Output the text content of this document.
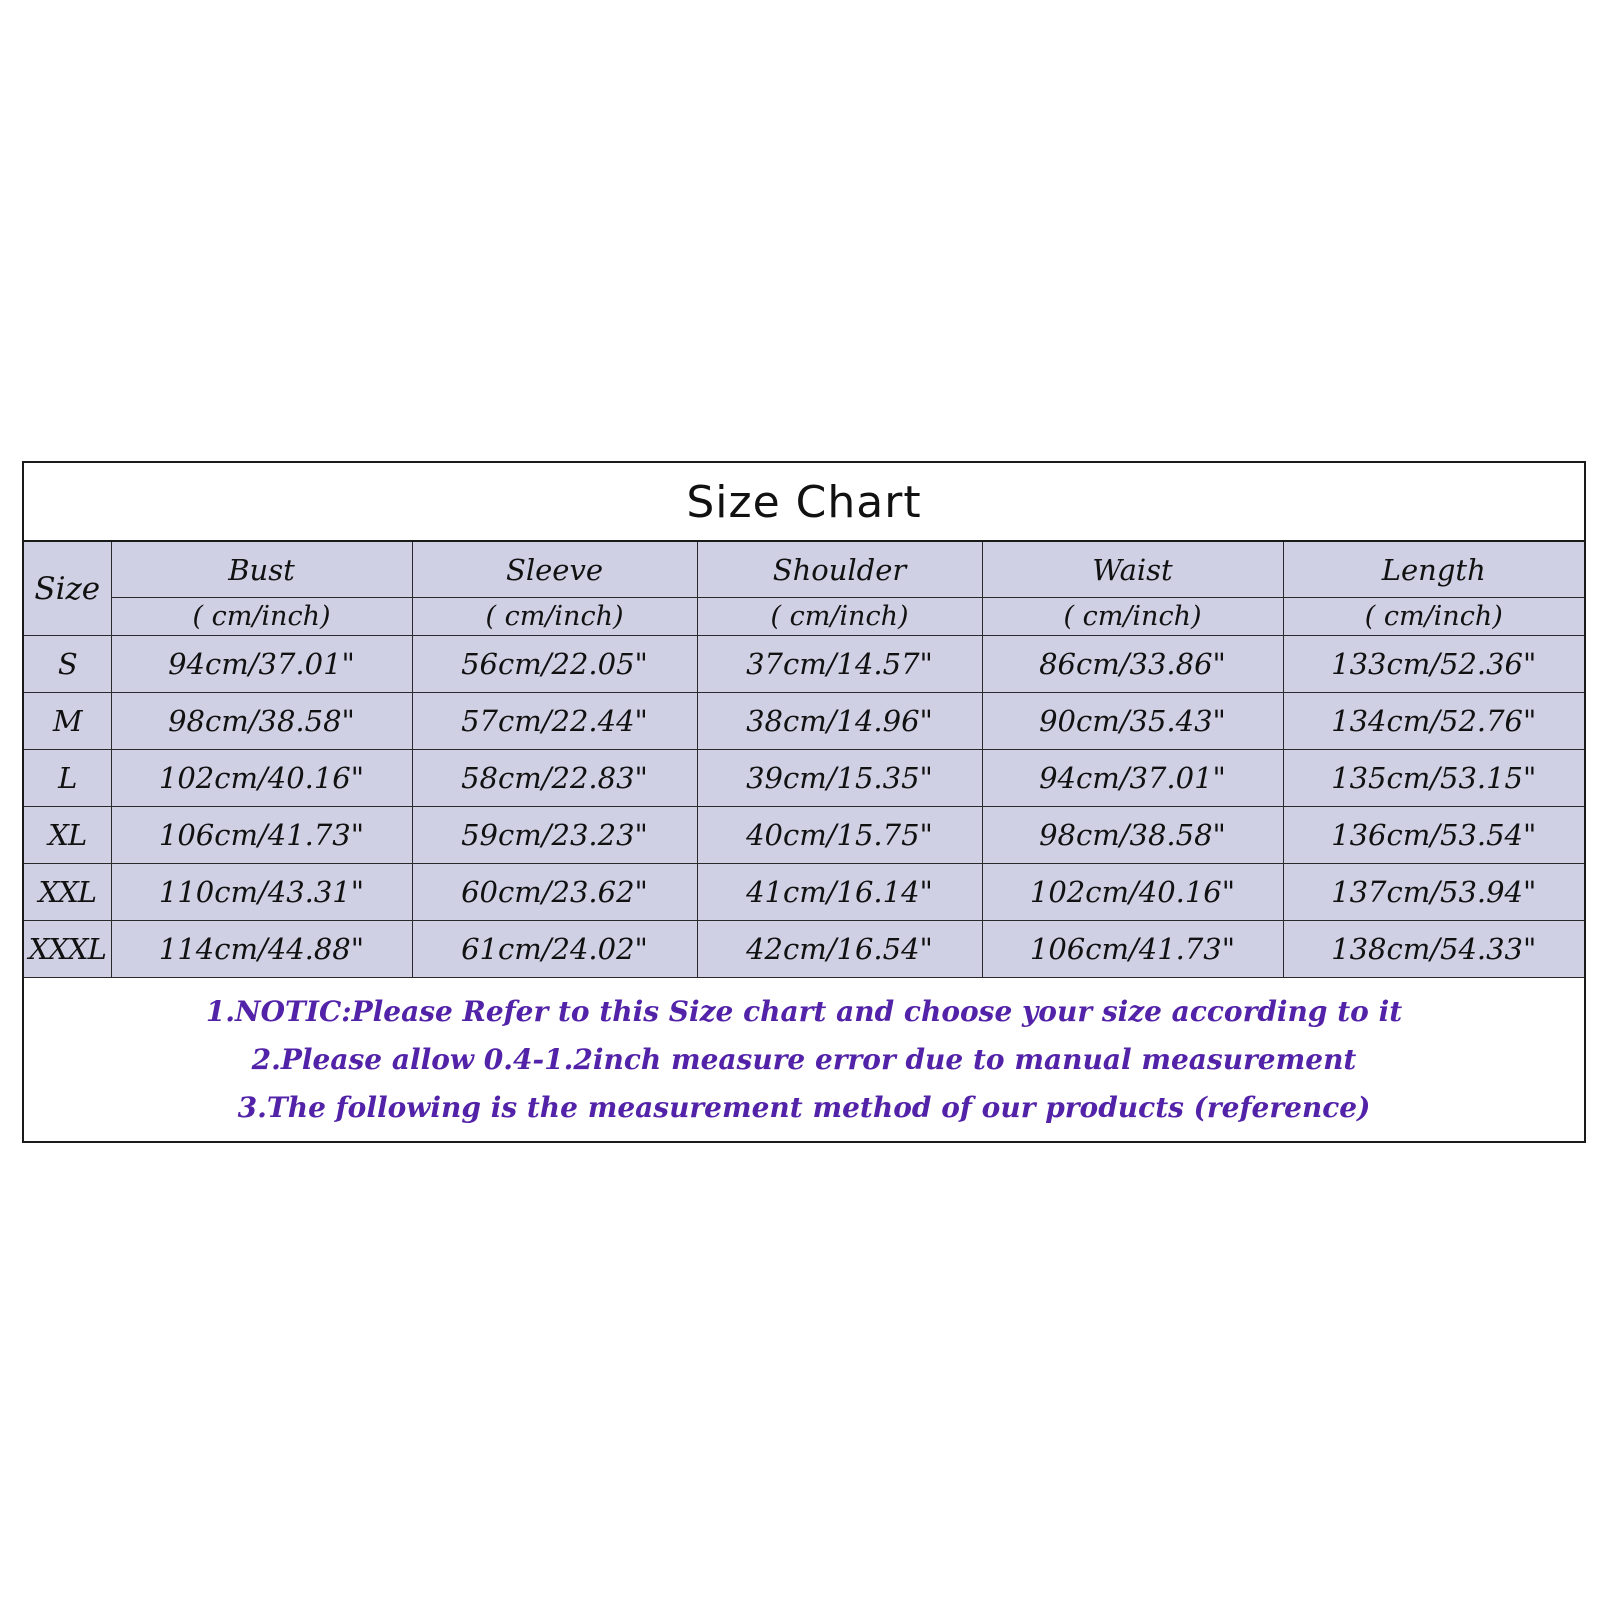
Size Chart
Size	Bust	Sleeve	Shoulder	Waist	Length
	( cm/inch)	( cm/inch)	( cm/inch)	( cm/inch)	( cm/inch)
S	94cm/37.01"	56cm/22.05"	37cm/14.57"	86cm/33.86"	133cm/52.36"
M	98cm/38.58"	57cm/22.44"	38cm/14.96"	90cm/35.43"	134cm/52.76"
L	102cm/40.16"	58cm/22.83"	39cm/15.35"	94cm/37.01"	135cm/53.15"
XL	106cm/41.73"	59cm/23.23"	40cm/15.75"	98cm/38.58"	136cm/53.54"
XXL	110cm/43.31"	60cm/23.62"	41cm/16.14"	102cm/40.16"	137cm/53.94"
XXXL	114cm/44.88"	61cm/24.02"	42cm/16.54"	106cm/41.73"	138cm/54.33"
1.NOTIC:Please Refer to this Size chart and choose your size according to it
2.Please allow 0.4-1.2inch measure error due to manual measurement
3.The following is the measurement method of our products (reference)
